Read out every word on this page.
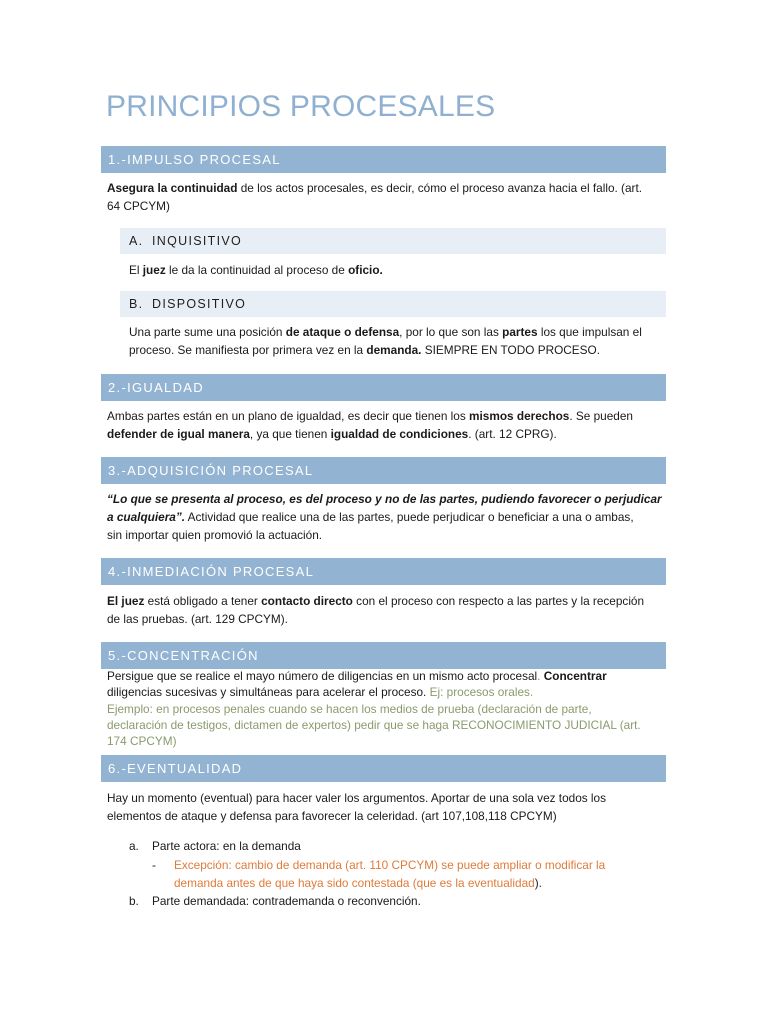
PRINCIPIOS PROCESALES
1.-IMPULSO PROCESAL
Asegura la continuidad de los actos procesales, es decir, cómo el proceso avanza hacia el fallo. (art.
64 CPCYM)
A. INQUISITIVO
El juez le da la continuidad al proceso de oficio.
B. DISPOSITIVO
Una parte sume una posición de ataque o defensa, por lo que son las partes los que impulsan el
proceso. Se manifiesta por primera vez en la demanda. SIEMPRE EN TODO PROCESO.
2.-IGUALDAD
Ambas partes están en un plano de igualdad, es decir que tienen los mismos derechos. Se pueden
defender de igual manera, ya que tienen igualdad de condiciones. (art. 12 CPRG).
3.-ADQUISICIÓN PROCESAL
“Lo que se presenta al proceso, es del proceso y no de las partes, pudiendo favorecer o perjudicar
a cualquiera”. Actividad que realice una de las partes, puede perjudicar o beneficiar a una o ambas,
sin importar quien promovió la actuación.
4.-INMEDIACIÓN PROCESAL
El juez está obligado a tener contacto directo con el proceso con respecto a las partes y la recepción
de las pruebas. (art. 129 CPCYM).
5.-CONCENTRACIÓN
Persigue que se realice el mayo número de diligencias en un mismo acto procesal. Concentrar
diligencias sucesivas y simultáneas para acelerar el proceso. Ej: procesos orales.
Ejemplo: en procesos penales cuando se hacen los medios de prueba (declaración de parte,
declaración de testigos, dictamen de expertos) pedir que se haga RECONOCIMIENTO JUDICIAL (art.
174 CPCYM)
6.-EVENTUALIDAD
Hay un momento (eventual) para hacer valer los argumentos. Aportar de una sola vez todos los
elementos de ataque y defensa para favorecer la celeridad. (art 107,108,118 CPCYM)
a. Parte actora: en la demanda
- Excepción: cambio de demanda (art. 110 CPCYM) se puede ampliar o modificar la
demanda antes de que haya sido contestada (que es la eventualidad).
b. Parte demandada: contrademanda o reconvención.
